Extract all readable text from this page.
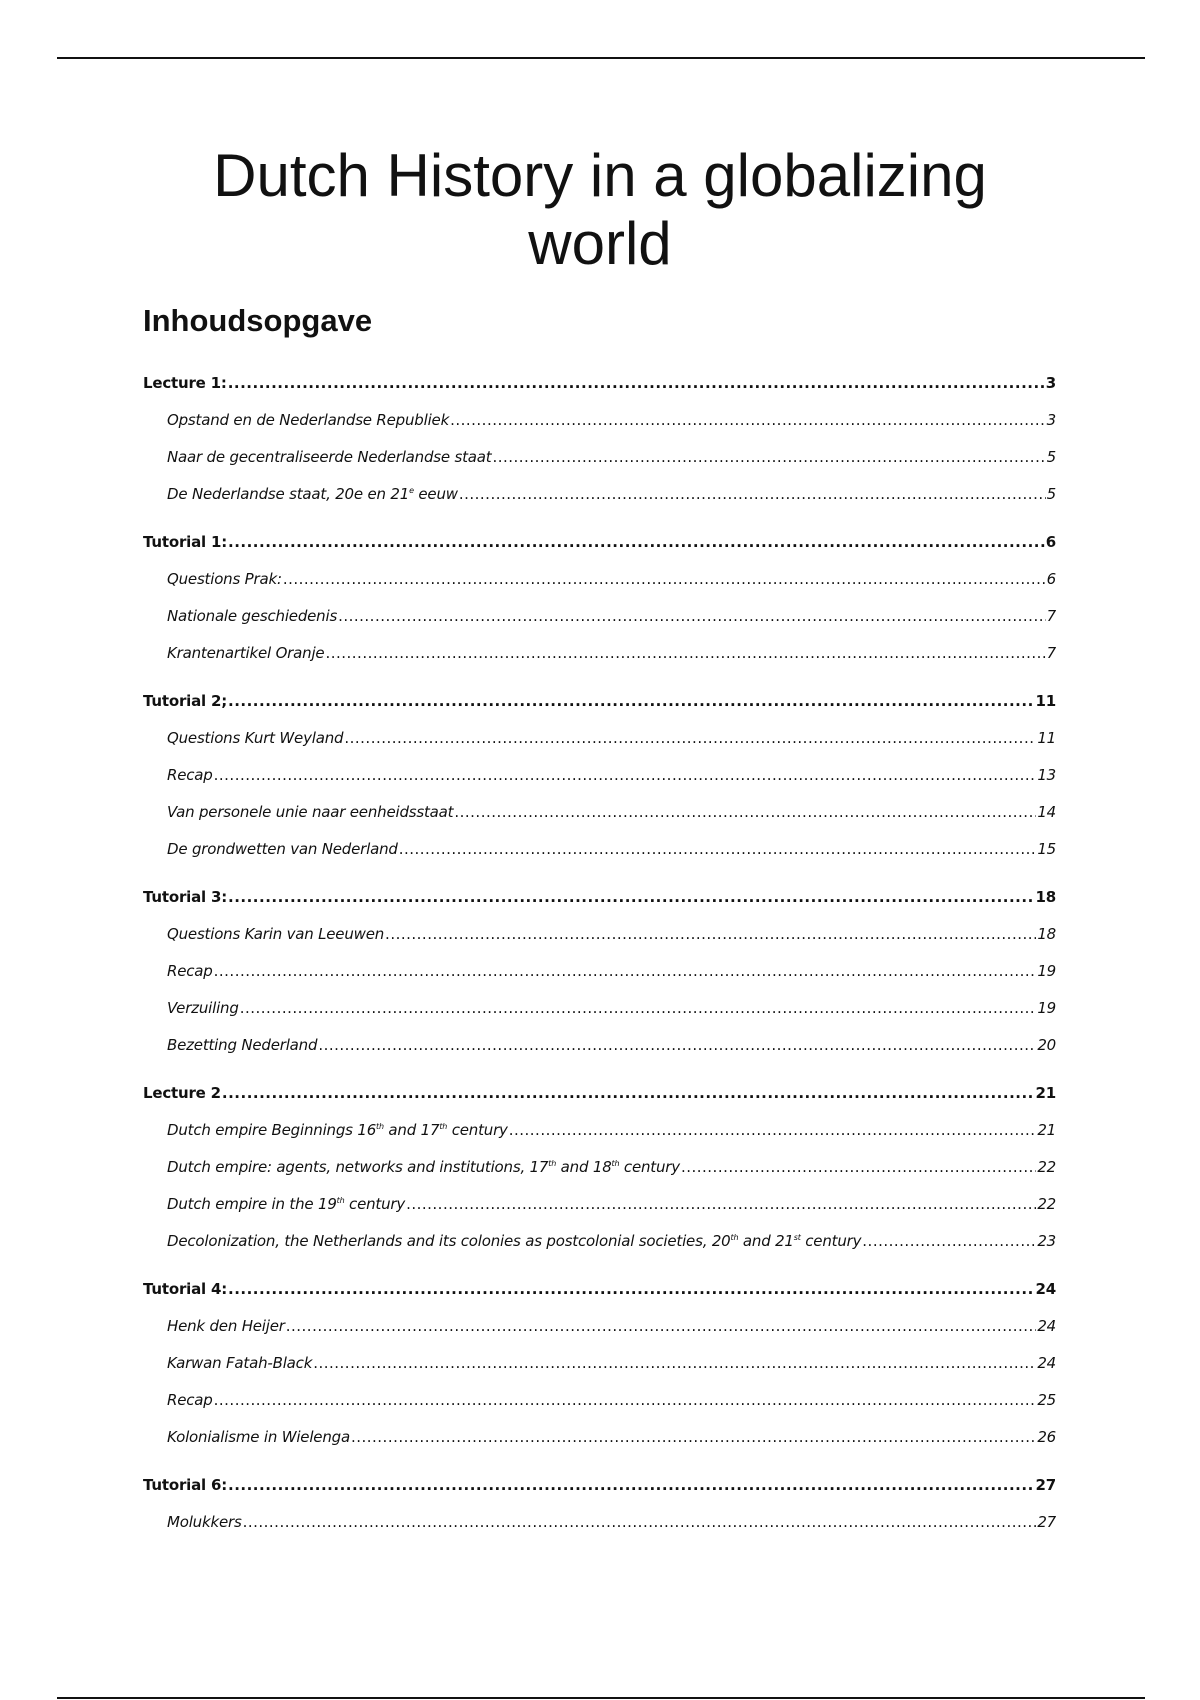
Dutch History in a globalizing world
Inhoudsopgave
Lecture 1: .....	3
Opstand en de Nederlandse Republiek .....	3
Naar de gecentraliseerde Nederlandse staat .....	5
De Nederlandse staat, 20e en 21e eeuw .....	5
Tutorial 1: .....	6
Questions Prak: .....	6
Nationale geschiedenis .....	7
Krantenartikel Oranje .....	7
Tutorial 2; .....	11
Questions Kurt Weyland .....	11
Recap .....	13
Van personele unie naar eenheidsstaat .....	14
De grondwetten van Nederland .....	15
Tutorial 3: .....	18
Questions Karin van Leeuwen .....	18
Recap .....	19
Verzuiling .....	19
Bezetting Nederland .....	20
Lecture 2 .....	21
Dutch empire Beginnings 16th and 17th century .....	21
Dutch empire: agents, networks and institutions, 17th and 18th century .....	22
Dutch empire in the 19th century .....	22
Decolonization, the Netherlands and its colonies as postcolonial societies, 20th and 21st century .....	23
Tutorial 4: .....	24
Henk den Heijer .....	24
Karwan Fatah-Black .....	24
Recap .....	25
Kolonialisme in Wielenga .....	26
Tutorial 6: .....	27
Molukkers .....	27
